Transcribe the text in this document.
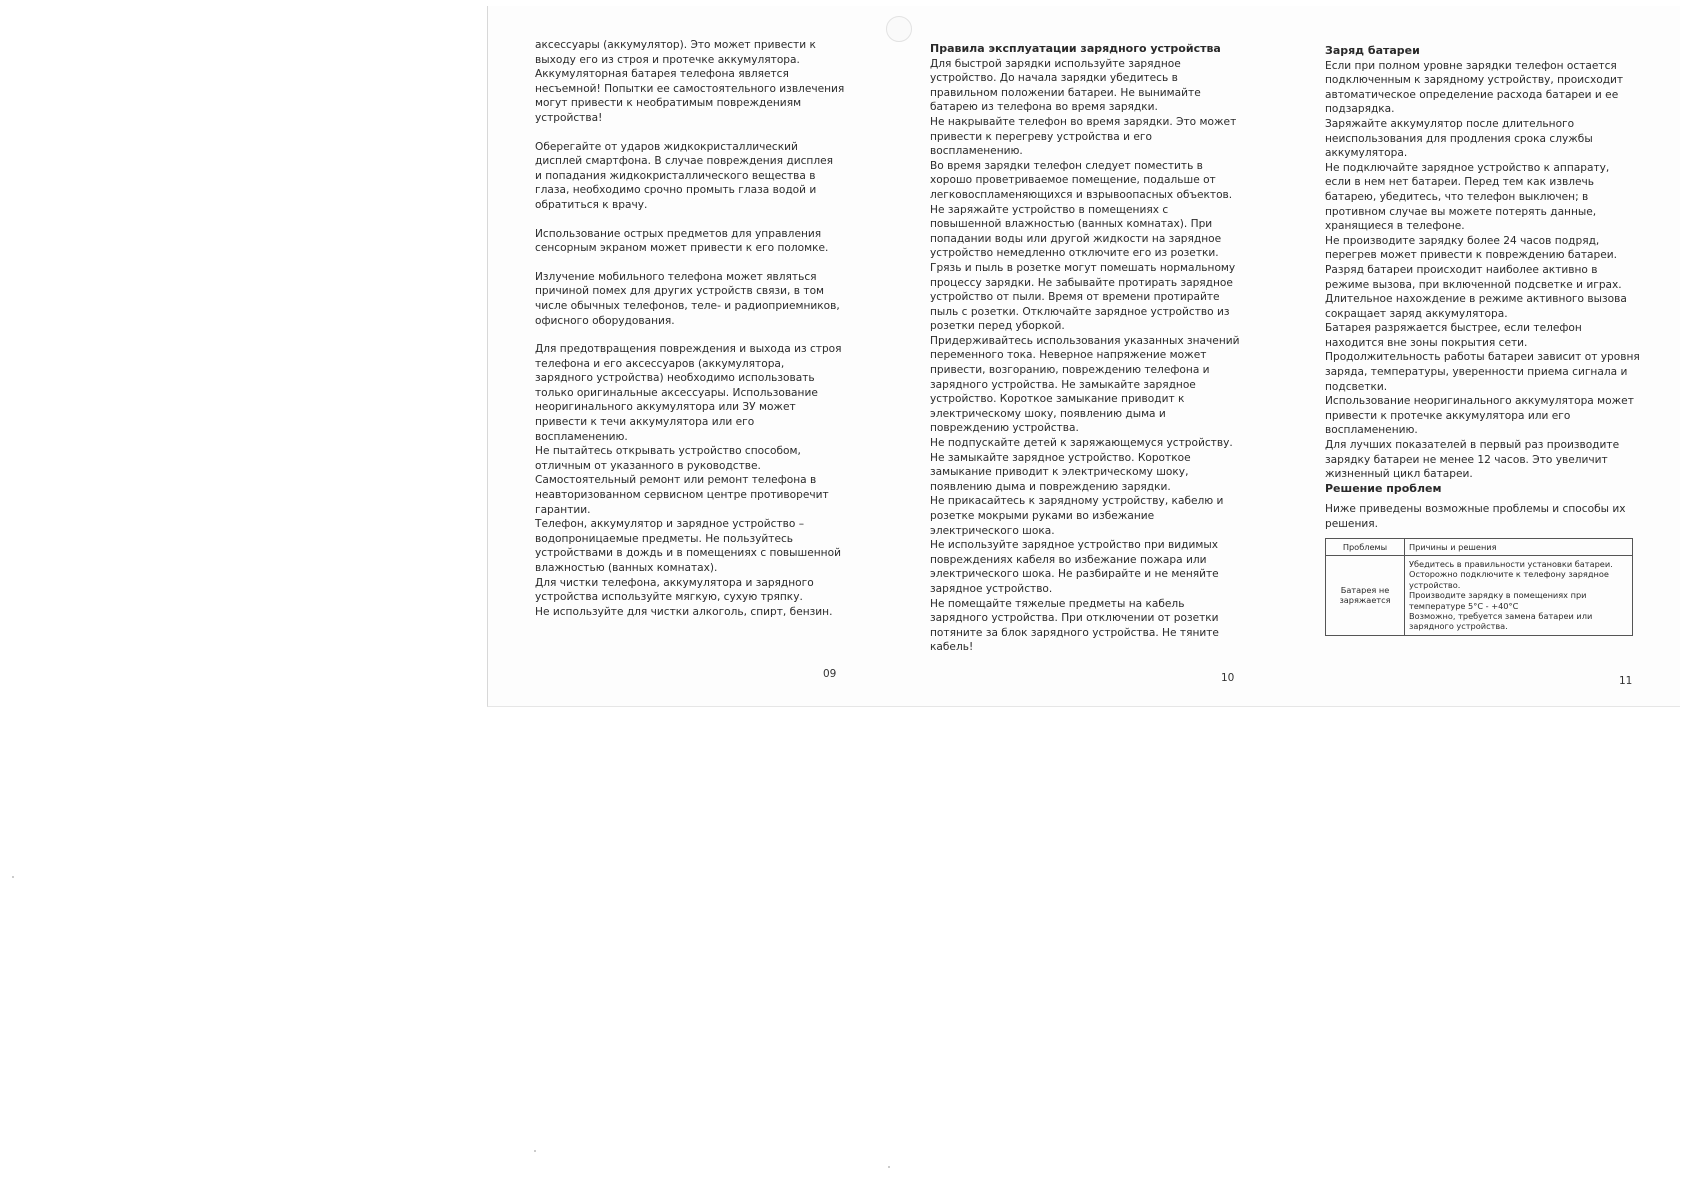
аксессуары (аккумулятор). Это может привести к

выходу его из строя и протечке аккумулятора.

Аккумуляторная батарея телефона является

несъемной! Попытки ее самостоятельного извлечения

могут привести к необратимым повреждениям

устройства!

Оберегайте от ударов жидкокристаллический

дисплей смартфона. В случае повреждения дисплея

и попадания жидкокристаллического вещества в

глаза, необходимо срочно промыть глаза водой и

обратиться к врачу.

Использование острых предметов для управления

сенсорным экраном может привести к его поломке.

Излучение мобильного телефона может являться

причиной помех для других устройств связи, в том

числе обычных телефонов, теле- и радиоприемников,

офисного оборудования.

Для предотвращения повреждения и выхода из строя

телефона и его аксессуаров (аккумулятора,

зарядного устройства) необходимо использовать

только оригинальные аксессуары. Использование

неоригинального аккумулятора или ЗУ может

привести к течи аккумулятора или его

воспламенению.

Не пытайтесь открывать устройство способом,

отличным от указанного в руководстве.

Самостоятельный ремонт или ремонт телефона в

неавторизованном сервисном центре противоречит

гарантии.

Телефон, аккумулятор и зарядное устройство –

водопроницаемые предметы. Не пользуйтесь

устройствами в дождь и в помещениях с повышенной

влажностью (ванных комнатах).

Для чистки телефона, аккумулятора и зарядного

устройства используйте мягкую, сухую тряпку.

Не используйте для чистки алкоголь, спирт, бензин.

09

Правила эксплуатации зарядного устройства

Для быстрой зарядки используйте зарядное

устройство. До начала зарядки убедитесь в

правильном положении батареи. Не вынимайте

батарею из телефона во время зарядки.

Не накрывайте телефон во время зарядки. Это может

привести к перегреву устройства и его

воспламенению.

Во время зарядки телефон следует поместить в

хорошо проветриваемое помещение, подальше от

легковоспламеняющихся и взрывоопасных объектов.

Не заряжайте устройство в помещениях с

повышенной влажностью (ванных комнатах). При

попадании воды или другой жидкости на зарядное

устройство немедленно отключите его из розетки.

Грязь и пыль в розетке могут помешать нормальному

процессу зарядки. Не забывайте протирать зарядное

устройство от пыли. Время от времени протирайте

пыль с розетки. Отключайте зарядное устройство из

розетки перед уборкой.

Придерживайтесь использования указанных значений

переменного тока. Неверное напряжение может

привести, возгоранию, повреждению телефона и

зарядного устройства. Не замыкайте зарядное

устройство. Короткое замыкание приводит к

электрическому шоку, появлению дыма и

повреждению устройства.

Не подпускайте детей к заряжающемуся устройству.

Не замыкайте зарядное устройство. Короткое

замыкание приводит к электрическому шоку,

появлению дыма и повреждению зарядки.

Не прикасайтесь к зарядному устройству, кабелю и

розетке мокрыми руками во избежание

электрического шока.

Не используйте зарядное устройство при видимых

повреждениях кабеля во избежание пожара или

электрического шока. Не разбирайте и не меняйте

зарядное устройство.

Не помещайте тяжелые предметы на кабель

зарядного устройства. При отключении от розетки

потяните за блок зарядного устройства. Не тяните

кабель!

10

Заряд батареи

Если при полном уровне зарядки телефон остается

подключенным к зарядному устройству, происходит

автоматическое определение расхода батареи и ее

подзарядка.

Заряжайте аккумулятор после длительного

неиспользования для продления срока службы

аккумулятора.

Не подключайте зарядное устройство к аппарату,

если в нем нет батареи. Перед тем как извлечь

батарею, убедитесь, что телефон выключен; в

противном случае вы можете потерять данные,

хранящиеся в телефоне.

Не производите зарядку более 24 часов подряд,

перегрев может привести к повреждению батареи.

Разряд батареи происходит наиболее активно в

режиме вызова, при включенной подсветке и играх.

Длительное нахождение в режиме активного вызова

сокращает заряд аккумулятора.

Батарея разряжается быстрее, если телефон

находится вне зоны покрытия сети.

Продолжительность работы батареи зависит от уровня

заряда, температуры, уверенности приема сигнала и

подсветки.

Использование неоригинального аккумулятора может

привести к протечке аккумулятора или его

воспламенению.

Для лучших показателей в первый раз производите

зарядку батареи не менее 12 часов. Это увеличит

жизненный цикл батареи.

Решение проблем

Ниже приведены возможные проблемы и способы их

решения.

Проблемы	Причины и решения
Батарея не заряжается	Убедитесь в правильности установки батареи.
Осторожно подключите к телефону зарядное устройство.
Производите зарядку в помещениях при температуре 5°С - +40°С
Возможно, требуется замена батареи или зарядного устройства.
11
